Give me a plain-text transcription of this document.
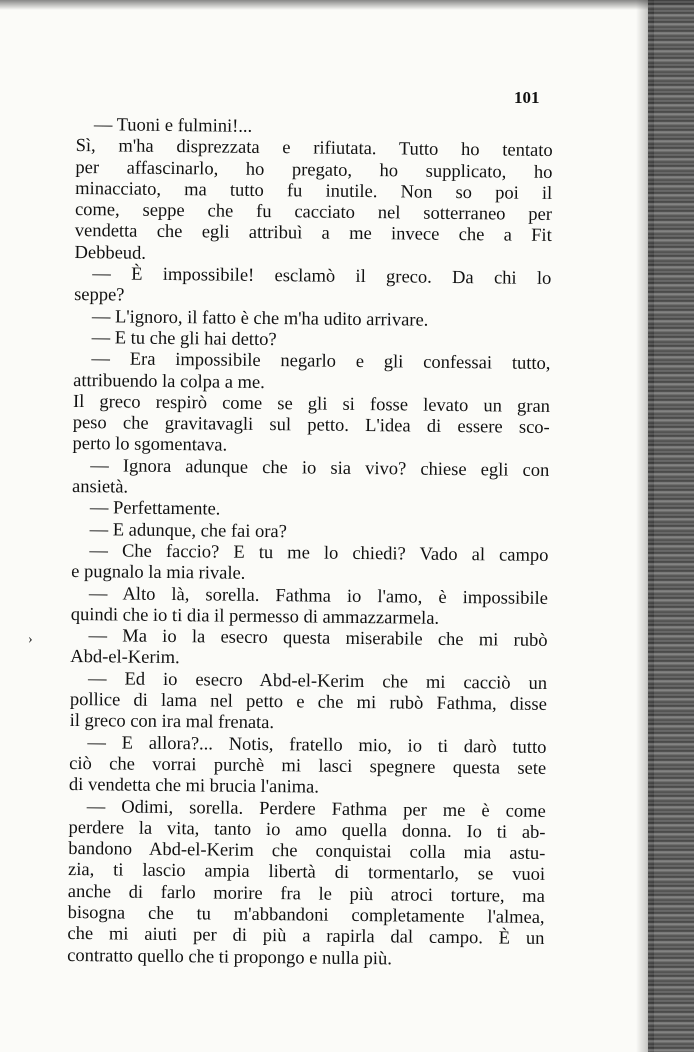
101
›
— Tuoni e fulmini!...
Sì, m'ha disprezzata e rifiutata. Tutto ho tentato
per affascinarlo, ho pregato, ho supplicato, ho
minacciato, ma tutto fu inutile. Non so poi il
come, seppe che fu cacciato nel sotterraneo per
vendetta che egli attribuì a me invece che a Fit
Debbeud.
— È impossibile! esclamò il greco. Da chi lo
seppe?
— L'ignoro, il fatto è che m'ha udito arrivare.
— E tu che gli hai detto?
— Era impossibile negarlo e gli confessai tutto,
attribuendo la colpa a me.
Il greco respirò come se gli si fosse levato un gran
peso che gravitavagli sul petto. L'idea di essere sco-
perto lo sgomentava.
— Ignora adunque che io sia vivo? chiese egli con
ansietà.
— Perfettamente.
— E adunque, che fai ora?
— Che faccio? E tu me lo chiedi? Vado al campo
e pugnalo la mia rivale.
— Alto là, sorella. Fathma io l'amo, è impossibile
quindi che io ti dia il permesso di ammazzarmela.
— Ma io la esecro questa miserabile che mi rubò
Abd-el-Kerim.
— Ed io esecro Abd-el-Kerim che mi cacciò un
pollice di lama nel petto e che mi rubò Fathma, disse
il greco con ira mal frenata.
— E allora?... Notis, fratello mio, io ti darò tutto
ciò che vorrai purchè mi lasci spegnere questa sete
di vendetta che mi brucia l'anima.
— Odimi, sorella. Perdere Fathma per me è come
perdere la vita, tanto io amo quella donna. Io ti ab-
bandono Abd-el-Kerim che conquistai colla mia astu-
zia, ti lascio ampia libertà di tormentarlo, se vuoi
anche di farlo morire fra le più atroci torture, ma
bisogna che tu m'abbandoni completamente l'almea,
che mi aiuti per di più a rapirla dal campo. È un
contratto quello che ti propongo e nulla più.
